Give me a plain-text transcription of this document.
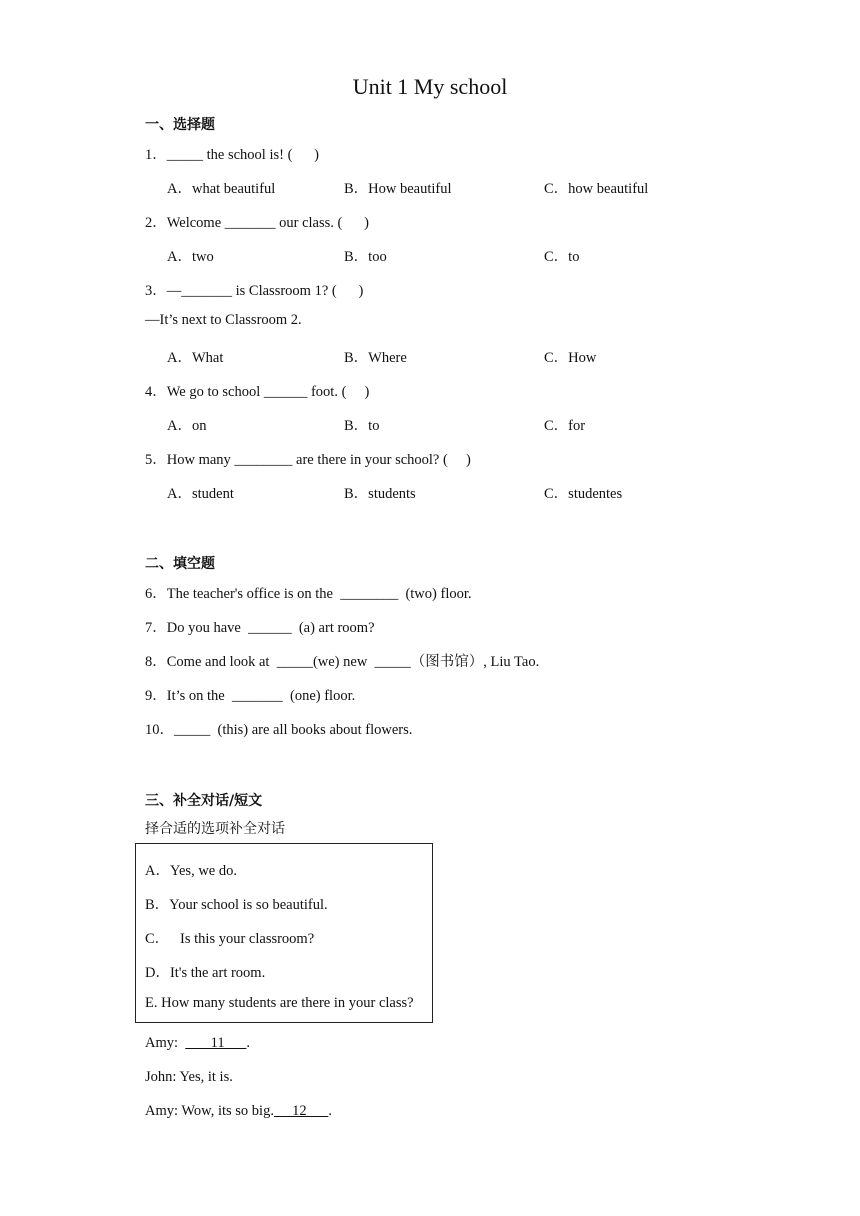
Unit 1 My school
一、选择题
1．_____ the school is! (      )
A．what beautiful	B．How beautiful	C．how beautiful
2．Welcome _______ our class. (      )
A．two	B．too	C．to
3．—_______ is Classroom 1? (      )
—It’s next to Classroom 2.
A．What	B．Where	C．How
4．We go to school ______ foot. (     )
A．on	B．to	C．for
5．How many ________ are there in your school? (     )
A．student	B．students	C．studentes
二、填空题
6．The teacher's office is on the  ________  (two) floor.
7．Do you have  ______  (a) art room?
8．Come and look at  _____(we) new  _____（图书馆）, Liu Tao.
9．It’s on the  _______  (one) floor.
10．_____  (this) are all books about flowers.
三、补全对话/短文
择合适的选项补全对话
A．Yes, we do.
B．Your school is so beautiful.
C．   Is this your classroom?
D．It's the art room.
E. How many students are there in your class?
Amy:         11      .
John: Yes, it is.
Amy: Wow, its so big.     12      .
